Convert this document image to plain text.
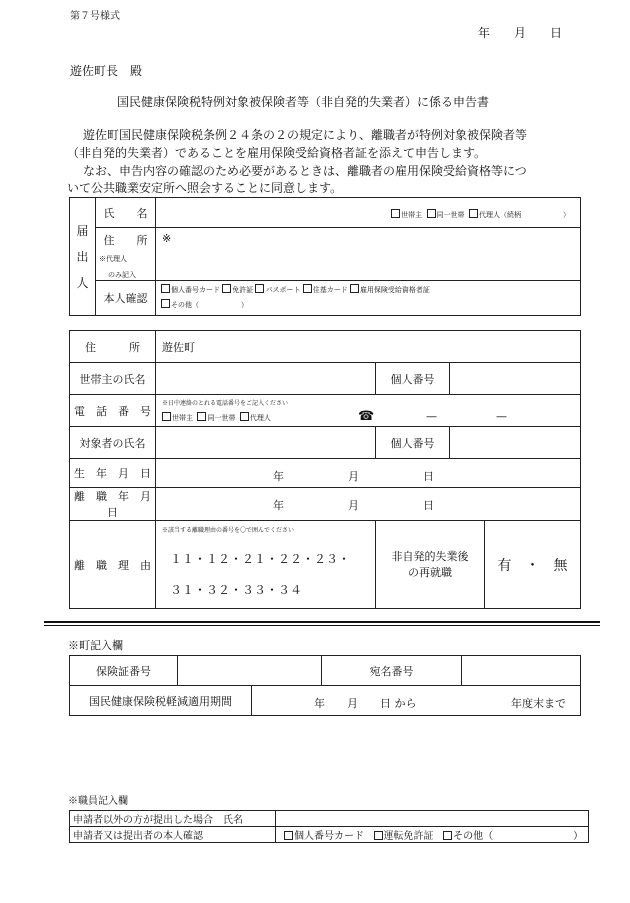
第７号様式
年　　月　　日
遊佐町長　殿
国民健康保険税特例対象被保険者等（非自発的失業者）に係る申告書
遊佐町国民健康保険税条例２４条の２の規定により、離職者が特例対象被保険者等
（非自発的失業者）であることを雇用保険受給資格者証を添えて申告します。
なお、申告内容の確認のため必要があるときは、離職者の雇用保険受給資格等につ
いて公共職業安定所へ照会することに同意します。
届
出
人	氏　　名	世帯主 同一世帯 代理人（続柄　　　　　　）

	住　　所
※代理人
のみ記入	※
	本人確認	個人番号カード 免許証 パスポート 住基カード 雇用保険受給資格者証
その他（　　　　　　）
住　　　所	遊佐町			
世帯主の氏名		個人番号		
電　話　番　号	※日中連絡のとれる電話番号をご記入ください
世帯主 同一世帯 代理人 ☎ — —			

対象者の氏名		個人番号		
生　年　月　日	年 月 日			

離　職　年　月　日	年 月 日			

離　職　理　由	※該当する離職理由の番号を〇で囲んでください
１１・１２・２１・２２・２３・
３１・３２・３３・３４	非自発的失業後
の再就職		有　・　無
※町記入欄
保険証番号			宛名番号	
国民健康保険税軽減適用期間		年　　月　　日 から 年度末まで		
※職員記入欄
申請者以外の方が提出した場合　氏名	
申請者又は提出者の本人確認	個人番号カード 運転免許証 その他（　　　　　　　　）
